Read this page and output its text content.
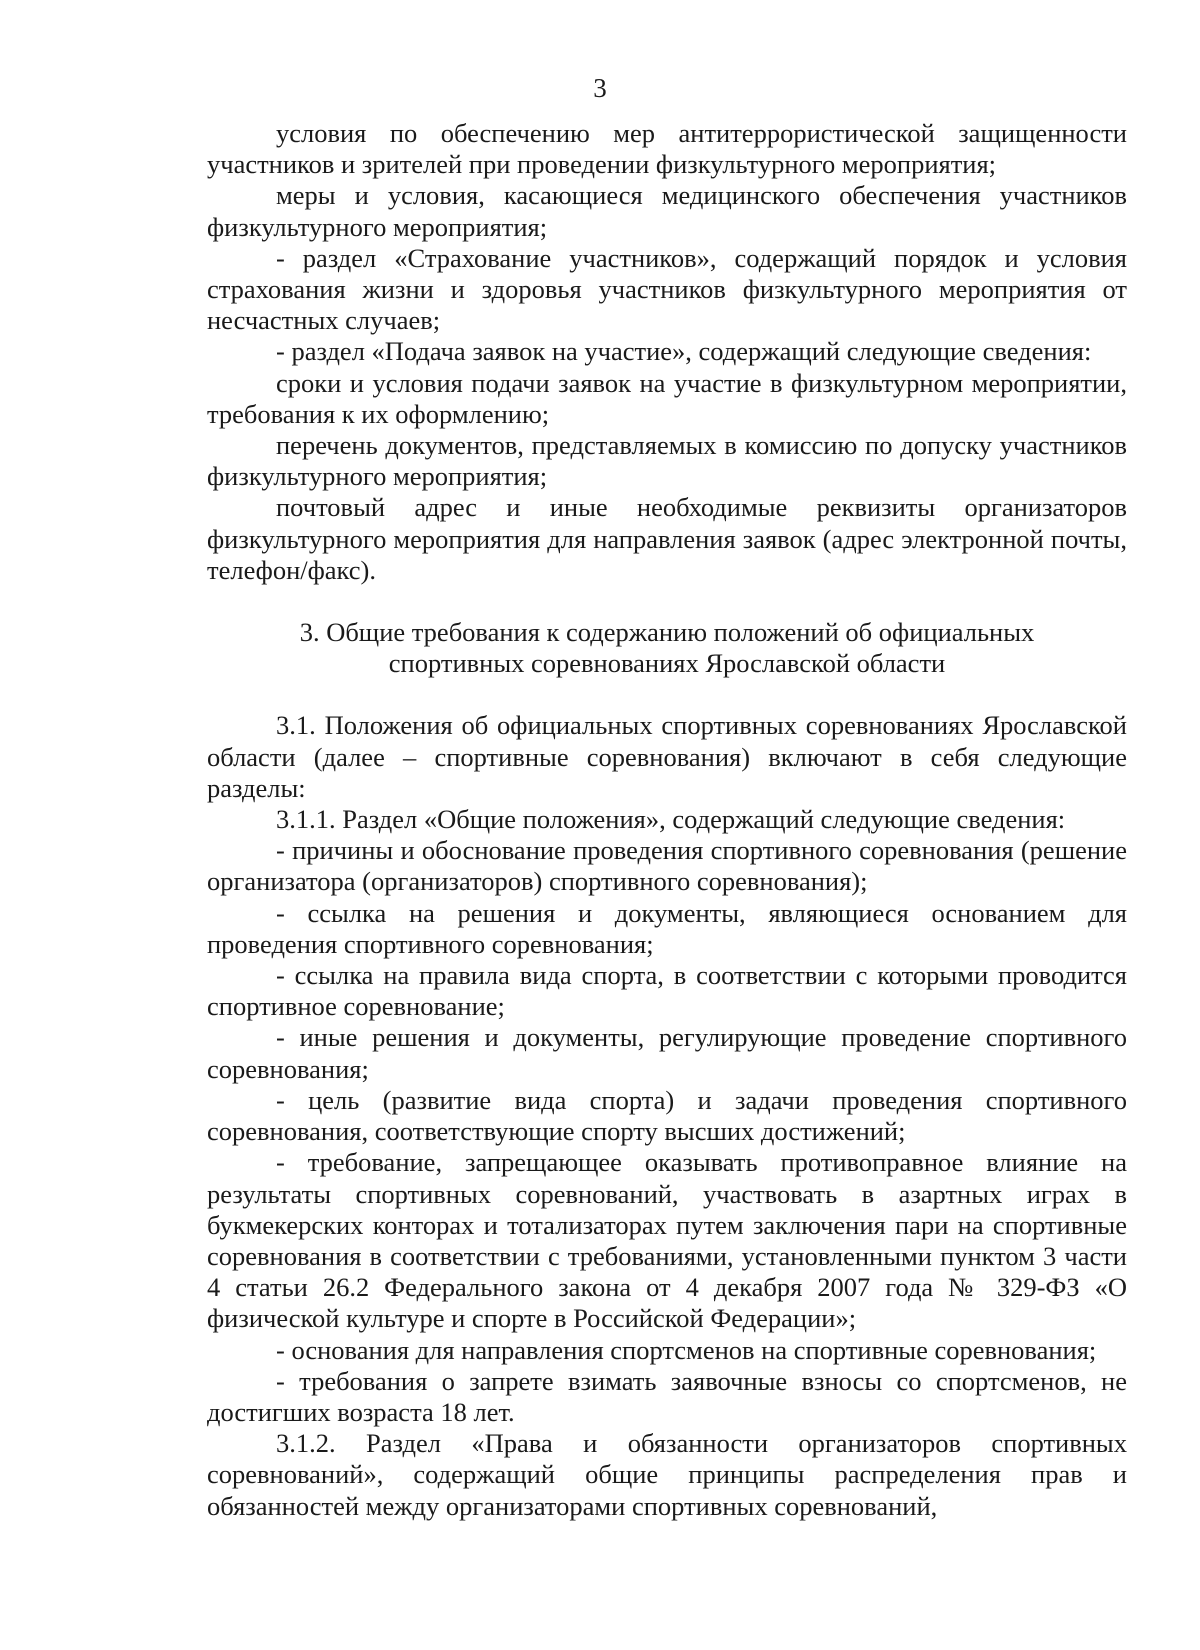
3

условия по обеспечению мер антитеррористической защищенности участников и зрителей при проведении физкультурного мероприятия;

меры и условия, касающиеся медицинского обеспечения участников физкультурного мероприятия;

- раздел «Страхование участников», содержащий порядок и условия страхования жизни и здоровья участников физкультурного мероприятия от несчастных случаев;

- раздел «Подача заявок на участие», содержащий следующие сведения:

сроки и условия подачи заявок на участие в физкультурном мероприятии, требования к их оформлению;

перечень документов, представляемых в комиссию по допуску участников физкультурного мероприятия;

почтовый адрес и иные необходимые реквизиты организаторов физкультурного мероприятия для направления заявок (адрес электронной почты, телефон/факс).

3. Общие требования к содержанию положений об официальных

спортивных соревнованиях Ярославской области

3.1. Положения об официальных спортивных соревнованиях Ярославской области (далее – спортивные соревнования) включают в себя следующие разделы:

3.1.1. Раздел «Общие положения», содержащий следующие сведения:

- причины и обоснование проведения спортивного соревнования (решение организатора (организаторов) спортивного соревнования);

- ссылка на решения и документы, являющиеся основанием для проведения спортивного соревнования;

- ссылка на правила вида спорта, в соответствии с которыми проводится спортивное соревнование;

- иные решения и документы, регулирующие проведение спортивного соревнования;

- цель (развитие вида спорта) и задачи проведения спортивного соревнования, соответствующие спорту высших достижений;

- требование, запрещающее оказывать противоправное влияние на результаты спортивных соревнований, участвовать в азартных играх в букмекерских конторах и тотализаторах путем заключения пари на спортивные соревнования в соответствии с требованиями, установленными пунктом 3 части 4 статьи 26.2 Федерального закона от 4 декабря 2007 года № 329-ФЗ «О физической культуре и спорте в Российской Федерации»;

- основания для направления спортсменов на спортивные соревнования;

- требования о запрете взимать заявочные взносы со спортсменов, не достигших возраста 18 лет.

3.1.2. Раздел «Права и обязанности организаторов спортивных соревнований», содержащий общие принципы распределения прав и обязанностей между организаторами спортивных соревнований,
